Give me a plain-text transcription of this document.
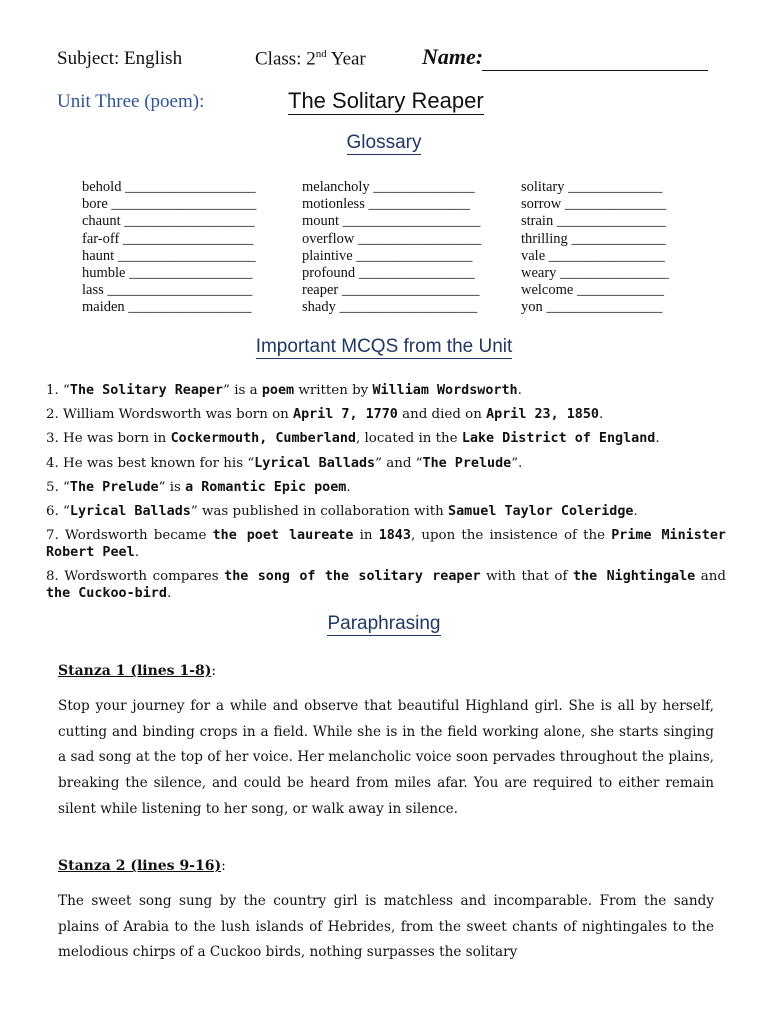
Subject: English	Class: 2nd Year	Name:
Unit Three (poem):	The Solitary Reaper
Glossary
behold __________________
bore ____________________
chaunt __________________
far-off __________________
haunt ___________________
humble _________________
lass ____________________
maiden _________________
melancholy ______________
motionless ______________
mount ___________________
overflow _________________
plaintive ________________
profound ________________
reaper ___________________
shady ___________________
solitary _____________
sorrow ______________
strain _______________
thrilling _____________
vale ________________
weary _______________
welcome ____________
yon ________________
Important MCQS from the Unit
1. “The Solitary Reaper” is a poem written by William Wordsworth.
2. William Wordsworth was born on April 7, 1770 and died on April 23, 1850.
3. He was born in Cockermouth, Cumberland, located in the Lake District of England.
4. He was best known for his “Lyrical Ballads” and “The Prelude”.
5. “The Prelude” is a Romantic Epic poem.
6. “Lyrical Ballads” was published in collaboration with Samuel Taylor Coleridge.
7. Wordsworth became the poet laureate in 1843, upon the insistence of the Prime Minister Robert Peel.
8. Wordsworth compares the song of the solitary reaper with that of the Nightingale and the Cuckoo-bird.
Paraphrasing
Stanza 1 (lines 1-8):
Stop your journey for a while and observe that beautiful Highland girl. She is all by herself, cutting and binding crops in a field. While she is in the field working alone, she starts singing a sad song at the top of her voice. Her melancholic voice soon pervades throughout the plains, breaking the silence, and could be heard from miles afar. You are required to either remain silent while listening to her song, or walk away in silence.
Stanza 2 (lines 9-16):
The sweet song sung by the country girl is matchless and incomparable. From the sandy plains of Arabia to the lush islands of Hebrides, from the sweet chants of nightingales to the melodious chirps of a Cuckoo birds, nothing surpasses the solitary
